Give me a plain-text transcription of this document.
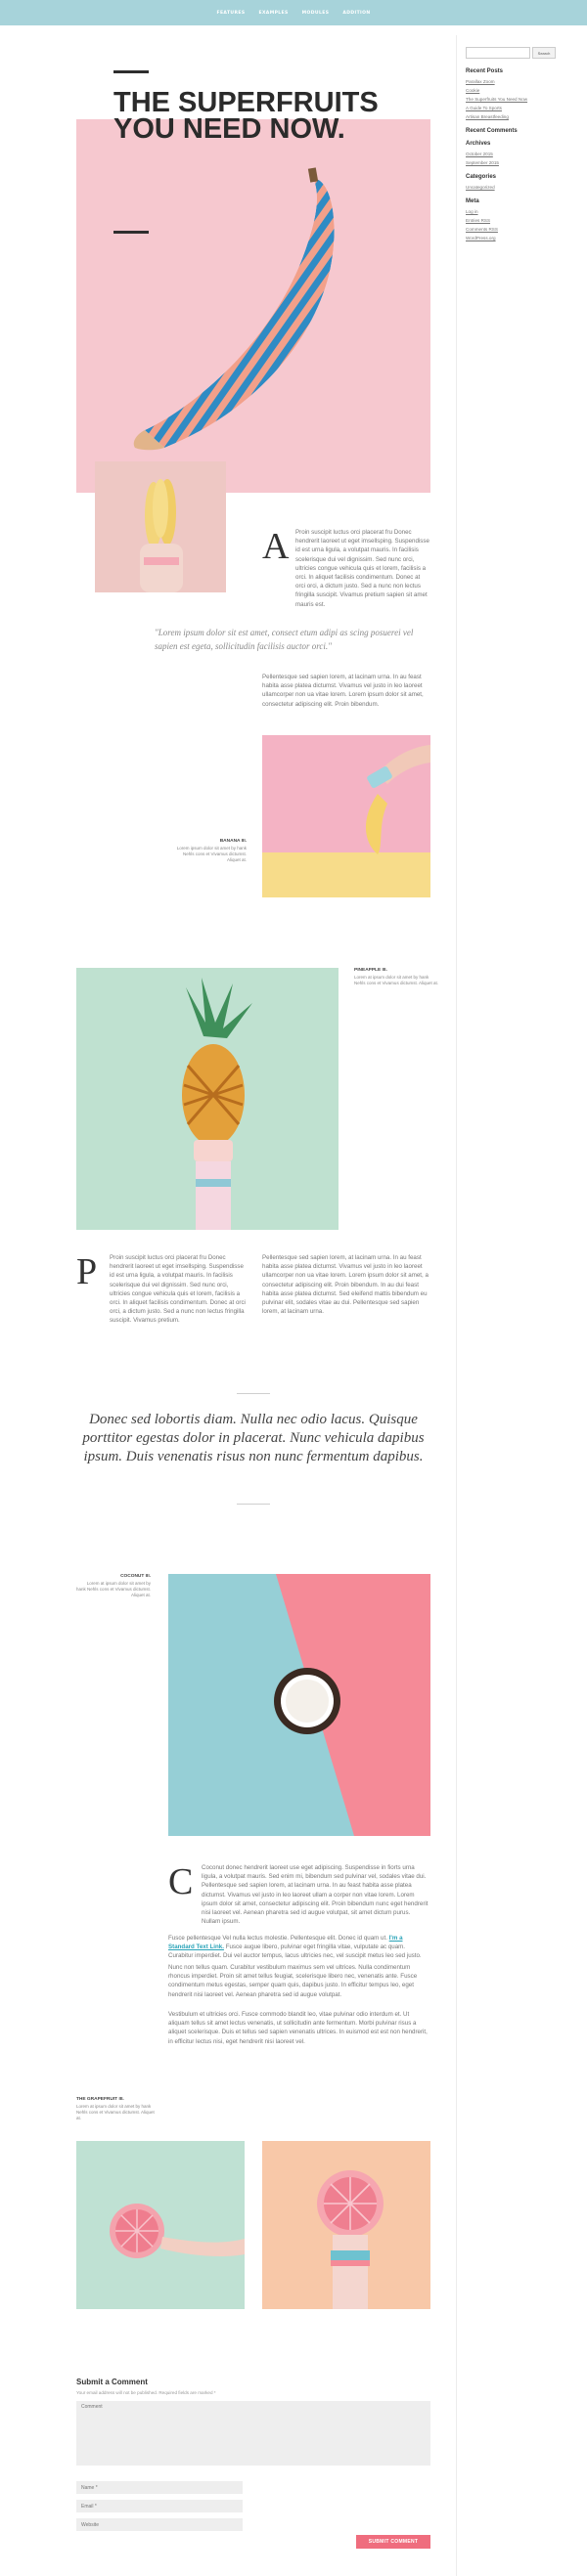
FEATURES	EXAMPLES	MODULES	ADDITION
Search
Recent Posts
Parallax Zoom
Cookie
The Superfruits You Need Now
A Guide To Sports
Artisan Breastfeeding
Recent Comments
Archives
October 2015
September 2015
Categories
Uncategorized
Meta
Log in
Entries RSS
Comments RSS
WordPress.org
THE SUPERFRUITS YOU NEED NOW.
A Proin suscipit luctus orci placerat fru Donec hendrerit laoreet ut eget imsellsping. Suspendisse id est urna ligula, a volutpat mauris. In facilisis scelerisque dui vel dignissim. Sed nunc orci, ultricies congue vehicula quis et lorem, facilisis a orci. In aliquet facilisis condimentum. Donec at orci orci, a dictum justo. Sed a nunc non lectus fringilla suscipit. Vivamus pretium sapien sit amet mauris est.

"Lorem ipsum dolor sit est amet, consect etum adipi as scing posuerei vel sapien est egeta, sollicitudin facilisis auctor orci."

Pellentesque sed sapien lorem, at lacinam urna. In au feast habita asse platea dictumst. Vivamus vel justo in leo laoreet ullamcorper non ua vitae lorem. Lorem ipsum dolor sit amet, consectetur adipiscing elit. Proin bibendum.

BANANA III.
Lorem ipsum dolor sit amet by hank Nehls cons et Vivamus dictumst. Aliquet at.
PINEAPPLE III.
Lorem at ipsum dolor sit amet by hank Nehls cons et Vivamus dictumst. Aliquet at.
P Proin suscipit luctus orci placerat fru Donec hendrerit laoreet ut eget imsellsping. Suspendisse id est urna ligula, a volutpat mauris. In facilisis scelerisque dui vel dignissim. Sed nunc orci, ultricies congue vehicula quis et lorem, facilisis a orci. In aliquet facilisis condimentum. Donec at orci orci, a dictum justo. Sed a nunc non lectus fringilla suscipit. Vivamus pretium.

Pellentesque sed sapien lorem, at lacinam urna. In au feast habita asse platea dictumst. Vivamus vel justo in leo laoreet ullamcorper non ua vitae lorem. Lorem ipsum dolor sit amet, a consectetur adipiscing elit. Proin bibendum. In au dui feast habita asse platea dictumst. Sed eleifend mattis bibendum eu pulvinar elit, sodales vitae au dui. Pellentesque sed sapien lorem, at lacinam urna.

Donec sed lobortis diam. Nulla nec odio lacus. Quisque porttitor egestas dolor in placerat. Nunc vehicula dapibus ipsum. Duis venenatis risus non nunc fermentum dapibus.

COCONUT III.
Lorem at ipsum dolor sit amet by hank Nehls cons et Vivamus dictumst. Aliquet at.
C Coconut donec hendrerit laoreet use eget adipiscing. Suspendisse in fiorts urna ligula, a volutpat mauris. Sed enim mi, bibendum sed pulvinar vel, sodales vitae dui. Pellentesque sed sapien lorem, at lacinam urna. In au feast habita asse platea dictumst. Vivamus vel justo in leo laoreet ullam a corper non vitae lorem. Lorem ipsum dolor sit amet, consectetur adipiscing elit. Proin bibendum nunc eget hendrerit nisi laoreet vel. Aenean pharetra sed id augue volutpat, sit amet dictum purus. Nullam ipsum.

Fusce pellentesque Vel nulla lectus molestie. Pellentesque elit. Donec id quam ut. I'm a Standard Text Link. Fusce augue libero, pulvinar eget fringilla vitae, vulputate ac quam. Curabitur imperdiet. Dui vel auctor tempus, lacus ultricies nec, vel suscipit metus leo sed justo.

Nunc non tellus quam. Curabitur vestibulum maximus sem vel ultrices. Nulla condimentum rhoncus imperdiet. Proin sit amet tellus feugiat, scelerisque libero nec, venenatis ante. Fusce condimentum metus egestas, semper quam quis, dapibus justo. In efficitur tempus leo, eget hendrerit nisi laoreet vel. Aenean pharetra sed id augue volutpat.

Vestibulum et ultricies orci. Fusce commodo blandit leo, vitae pulvinar odio interdum et. Ut aliquam tellus sit amet lectus venenatis, ut sollicitudin ante fermentum. Morbi pulvinar risus a aliquet scelerisque. Duis et tellus sed sapien venenatis ultrices. In euismod est est non hendrerit, in efficitur lectus nisi, eget hendrerit nisi laoreet vel.

THE GRAPEFRUIT III.
Lorem at ipsum dolor sit amet by hank Nehls cons et Vivamus dictumst. Aliquet at.
Submit a Comment

Your email address will not be published. Required fields are marked *

Comment
Name *
Email *
Website
SUBMIT COMMENT
